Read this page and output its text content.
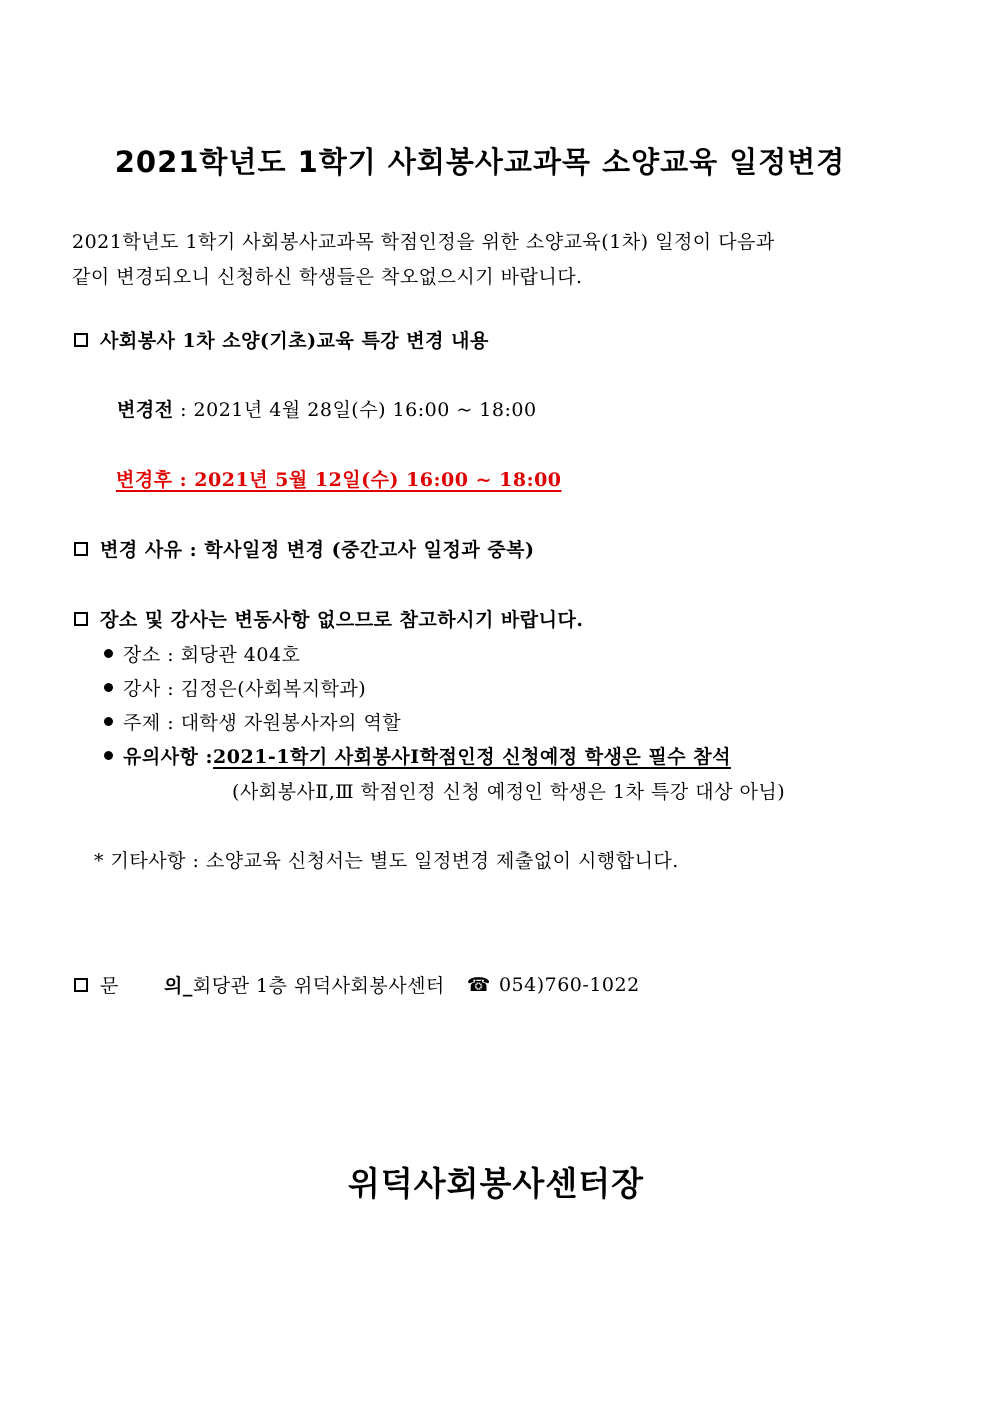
2021학년도 1학기 사회봉사교과목 소양교육 일정변경
2021학년도 1학기 사회봉사교과목 학점인정을 위한 소양교육(1차) 일정이 다음과
같이 변경되오니 신청하신 학생들은 착오없으시기 바랍니다.
사회봉사 1차 소양(기초)교육 특강 변경 내용
변경전 : 2021년 4월 28일(수) 16:00 ~ 18:00
변경후 : 2021년 5월 12일(수) 16:00 ~ 18:00
변경 사유 : 학사일정 변경 (중간고사 일정과 중복)
장소 및 강사는 변동사항 없으므로 참고하시기 바랍니다.
장소 : 회당관 404호
강사 : 김정은(사회복지학과)
주제 : 대학생 자원봉사자의 역할
유의사항 : 2021-1학기 사회봉사Ⅰ학점인정 신청예정 학생은 필수 참석
(사회봉사Ⅱ,Ⅲ 학점인정 신청 예정인 학생은 1차 특강 대상 아님)
* 기타사항 : 소양교육 신청서는 별도 일정변경 제출없이 시행합니다.
문	의_ 회당관 1층 위덕사회봉사센터 ☎ 054)760-1022
위덕사회봉사센터장
